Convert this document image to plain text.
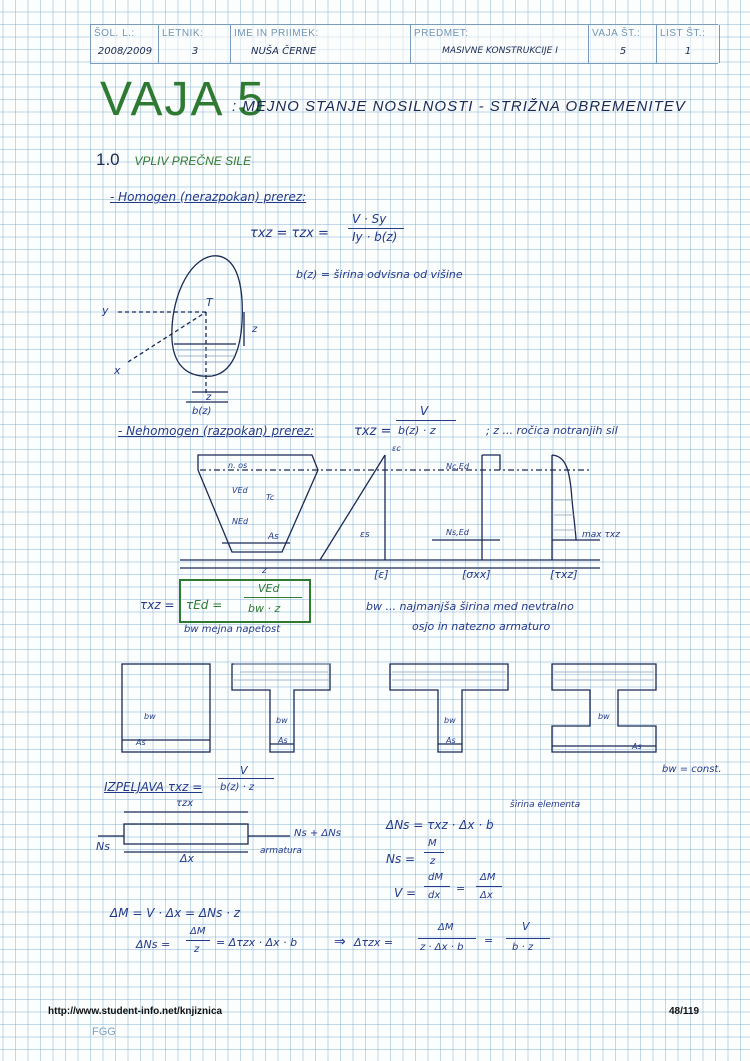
ŠOL. L.:
2008/2009
LETNIK:
3
IME IN PRIIMEK:
NUŠA ČERNE
PREDMET:
MASIVNE KONSTRUKCIJE I
VAJA ŠT.:
5
LIST ŠT.:
1
VAJA 5
: MEJNO STANJE NOSILNOSTI - STRIŽNA OBREMENITEV
1.0 VPLIV PREČNE SILE
- Homogen (nerazpokan) prerez:
τxz = τzx =
V · Sy
Iy · b(z)
b(z) = širina odvisna od višine
y
x
z
z
T
b(z)
- Nehomogen (razpokan) prerez:	τxz =
V
b(z) · z	; z ... ročica notranjih sil
εc
Nc,Ed
Ns,Ed
n. os
VEd
Tc
NEd
As	εs	max τxz
z	[ε]	[σxx]	[τxz]
τxz = τEd =
VEd
bw · z
bw mejna napetost
bw ... najmanjša širina med nevtralno
osjo in natezno armaturo
bw
As
bw
As
bw
As
bw
As
bw = const.
IZPELJAVA τxz =
V
b(z) · z
τzx
Ns
Ns + ΔNs
Δx
armatura
širina elementa
ΔNs = τxz · Δx · b
Ns =
M
z
V =
dM
dx
=
ΔM
Δx
ΔM = V · Δx = ΔNs · z
ΔNs =
ΔM
z
= Δτzx · Δx · b	⇒ Δτzx =
ΔM
z · Δx · b
=
V
b · z
http://www.student-info.net/knjiznica	48/119
FGG
